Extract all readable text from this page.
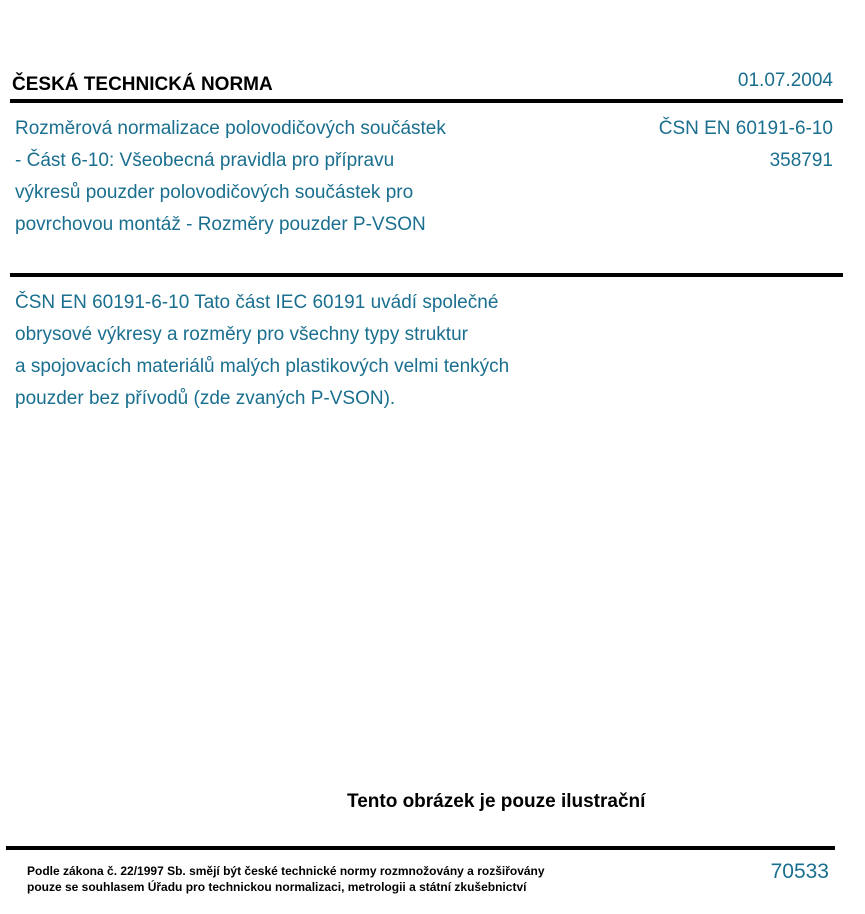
ČESKÁ TECHNICKÁ NORMA	01.07.2004
Rozměrová normalizace polovodičových součástek
- Část 6-10: Všeobecná pravidla pro přípravu
výkresů pouzder polovodičových součástek pro
povrchovou montáž - Rozměry pouzder P-VSON
ČSN EN 60191-6-10
358791
ČSN EN 60191-6-10 Tato část IEC 60191 uvádí společné
obrysové výkresy a rozměry pro všechny typy struktur
a spojovacích materiálů malých plastikových velmi tenkých
pouzder bez přívodů (zde zvaných P-VSON).
Tento obrázek je pouze ilustrační
Podle zákona č. 22/1997 Sb. smějí být české technické normy rozmnožovány a rozšiřovány
pouze se souhlasem Úřadu pro technickou normalizaci, metrologii a státní zkušebnictví
70533
